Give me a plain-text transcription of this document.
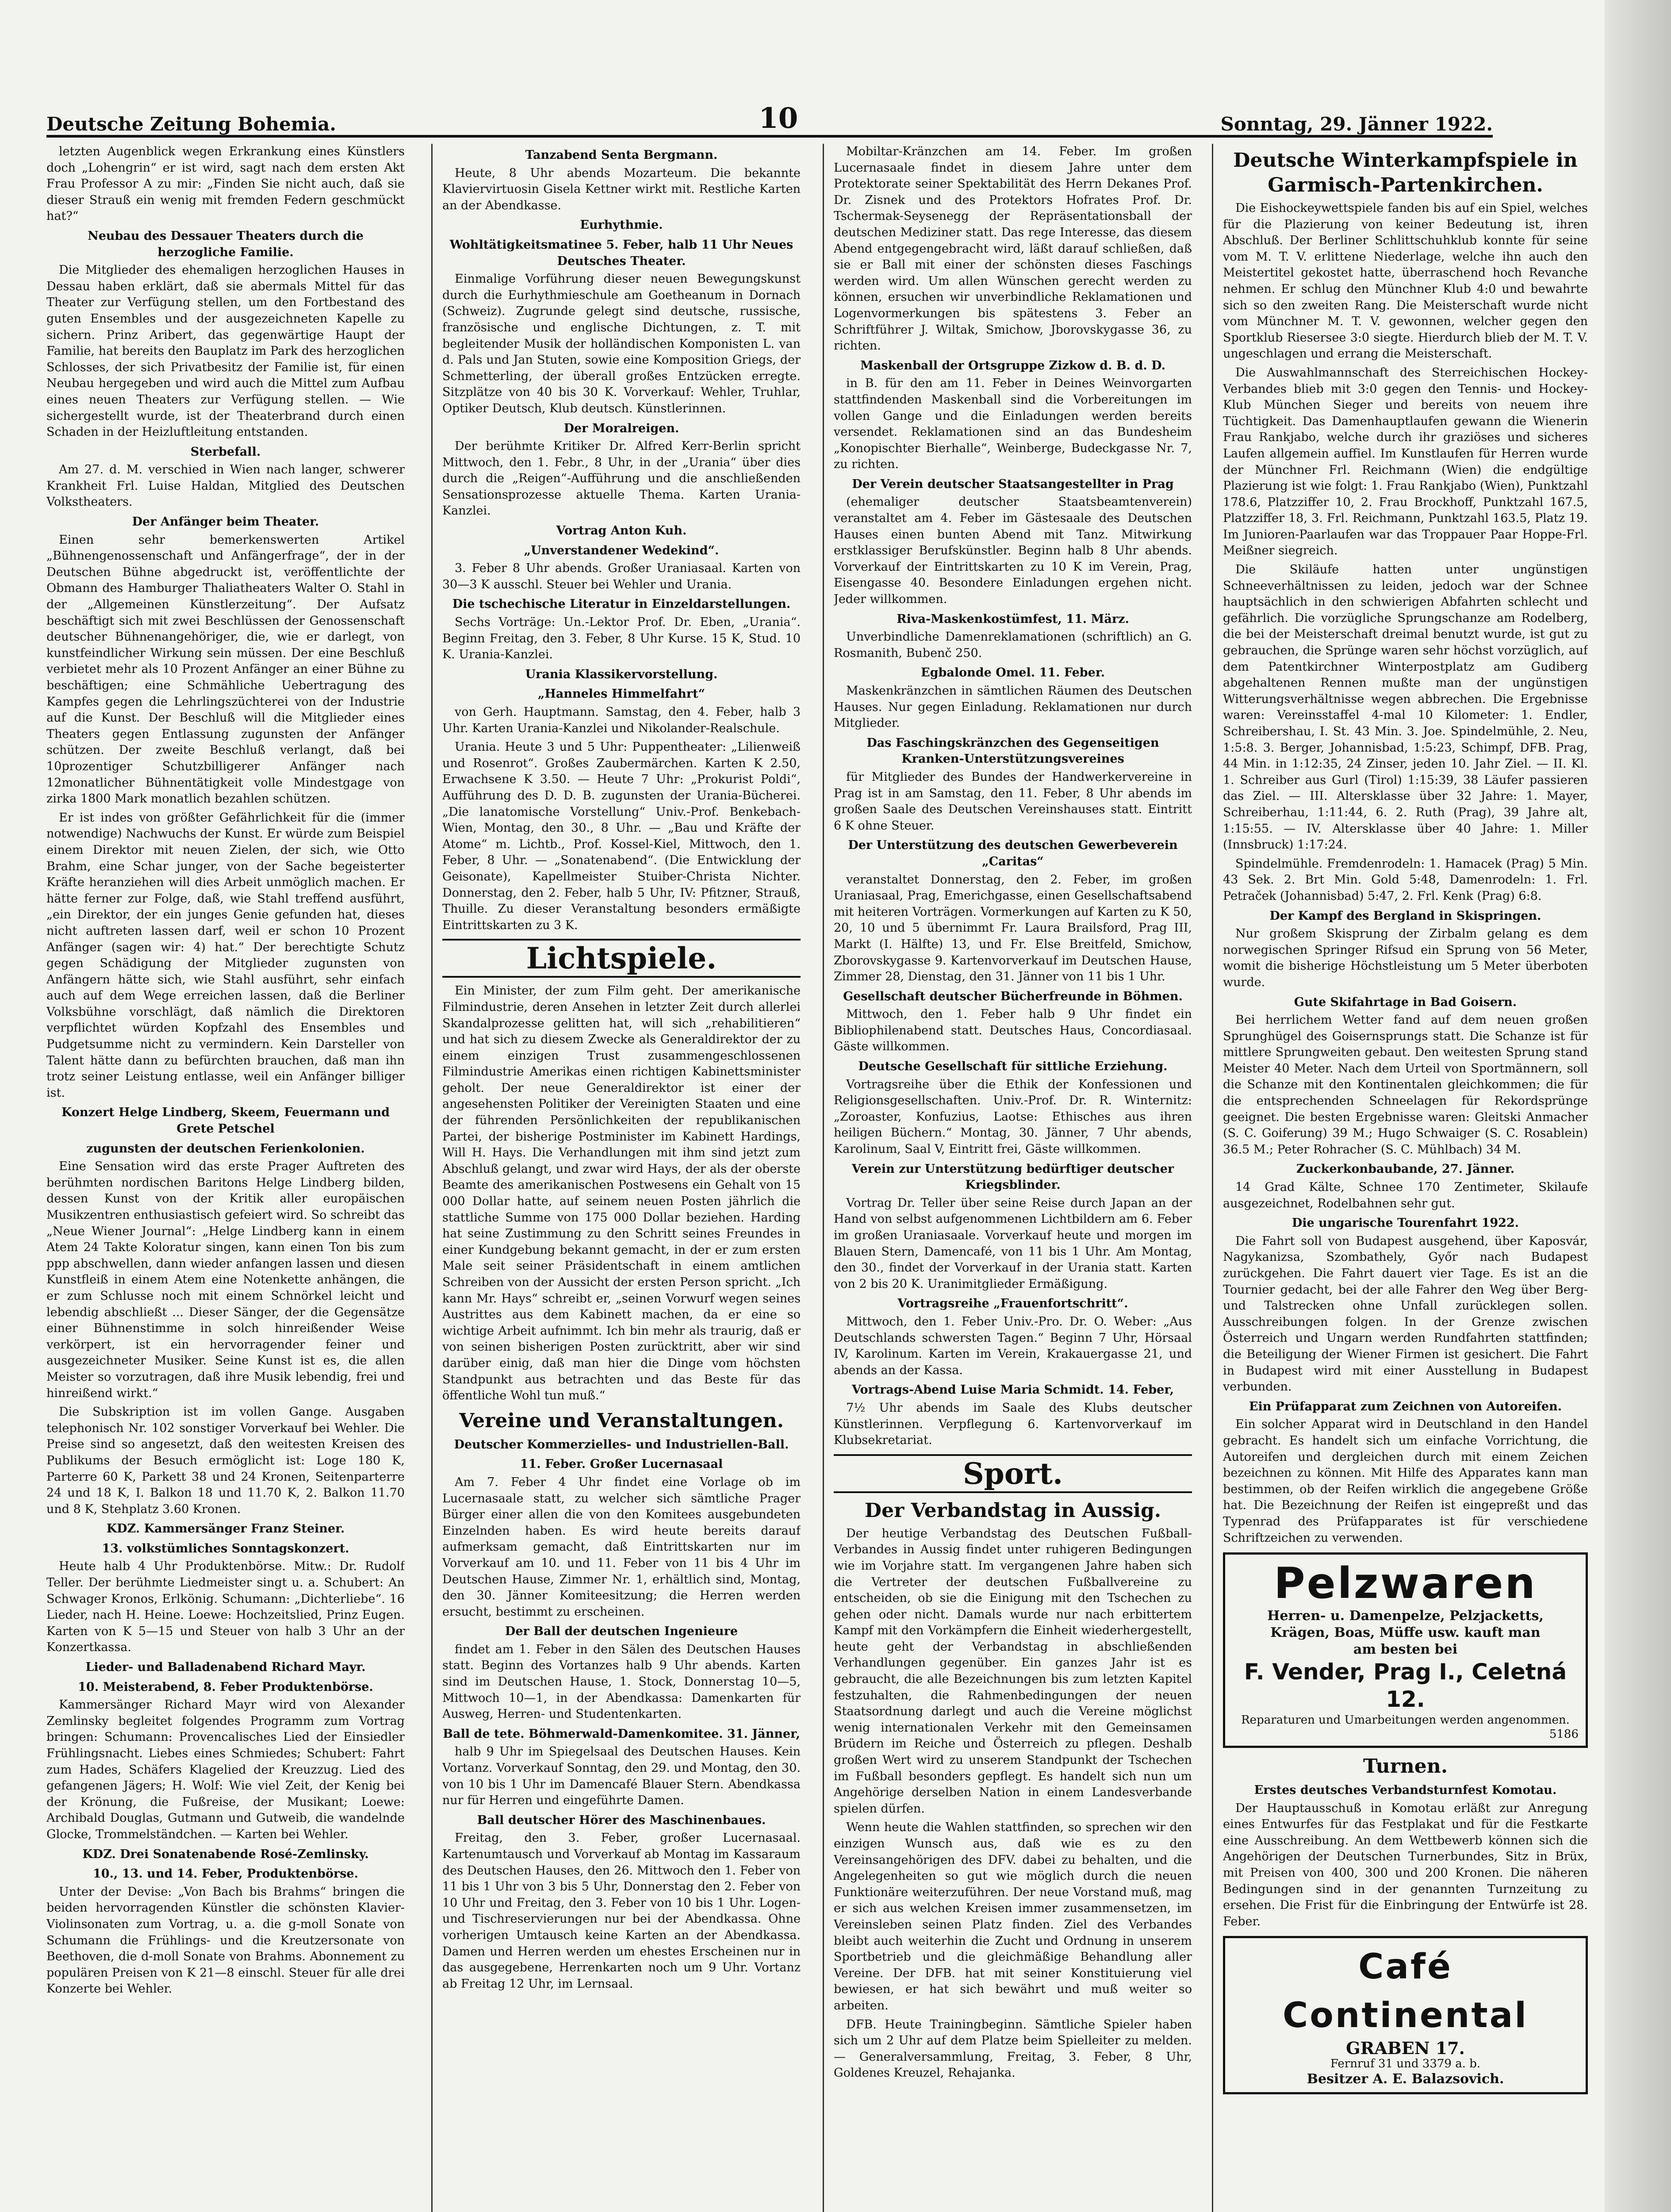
Deutsche Zeitung Bohemia.	10	Sonntag, 29. Jänner 1922.

letzten Augenblick wegen Erkrankung eines Künstlers doch „Lohengrin“ er ist wird, sagt nach dem ersten Akt Frau Professor A zu mir: „Finden Sie nicht auch, daß sie dieser Strauß ein wenig mit fremden Federn geschmückt hat?“

Neubau des Dessauer Theaters durch die herzogliche Familie.

Die Mitglieder des ehemaligen herzoglichen Hauses in Dessau haben erklärt, daß sie abermals Mittel für das Theater zur Verfügung stellen, um den Fortbestand des guten Ensembles und der ausgezeichneten Kapelle zu sichern. Prinz Aribert, das gegenwärtige Haupt der Familie, hat bereits den Bauplatz im Park des herzoglichen Schlosses, der sich Privatbesitz der Familie ist, für einen Neubau hergegeben und wird auch die Mittel zum Aufbau eines neuen Theaters zur Verfügung stellen. — Wie sichergestellt wurde, ist der Theaterbrand durch einen Schaden in der Heizluftleitung entstanden.

Sterbefall.

Am 27. d. M. verschied in Wien nach langer, schwerer Krankheit Frl. Luise Haldan, Mitglied des Deutschen Volkstheaters.

Der Anfänger beim Theater.

Einen sehr bemerkenswerten Artikel „Bühnengenossenschaft und Anfängerfrage“, der in der Deutschen Bühne abgedruckt ist, veröffentlichte der Obmann des Hamburger Thaliatheaters Walter O. Stahl in der „Allgemeinen Künstlerzeitung“. Der Aufsatz beschäftigt sich mit zwei Beschlüssen der Genossenschaft deutscher Bühnenangehöriger, die, wie er darlegt, von kunstfeindlicher Wirkung sein müssen. Der eine Beschluß verbietet mehr als 10 Prozent Anfänger an einer Bühne zu beschäftigen; eine Schmähliche Uebertragung des Kampfes gegen die Lehrlingszüchterei von der Industrie auf die Kunst. Der Beschluß will die Mitglieder eines Theaters gegen Entlassung zugunsten der Anfänger schützen. Der zweite Beschluß verlangt, daß bei 10prozentiger Schutzbilligerer Anfänger nach 12monatlicher Bühnentätigkeit volle Mindestgage von zirka 1800 Mark monatlich bezahlen schützen.

Er ist indes von größter Gefährlichkeit für die (immer notwendige) Nachwuchs der Kunst. Er würde zum Beispiel einem Direktor mit neuen Zielen, der sich, wie Otto Brahm, eine Schar junger, von der Sache begeisterter Kräfte heranziehen will dies Arbeit unmöglich machen. Er hätte ferner zur Folge, daß, wie Stahl treffend ausführt, „ein Direktor, der ein junges Genie gefunden hat, dieses nicht auftreten lassen darf, weil er schon 10 Prozent Anfänger (sagen wir: 4) hat.“ Der berechtigte Schutz gegen Schädigung der Mitglieder zugunsten von Anfängern hätte sich, wie Stahl ausführt, sehr einfach auch auf dem Wege erreichen lassen, daß die Berliner Volksbühne vorschlägt, daß nämlich die Direktoren verpflichtet würden Kopfzahl des Ensembles und Pudgetsumme nicht zu vermindern. Kein Darsteller von Talent hätte dann zu befürchten brauchen, daß man ihn trotz seiner Leistung entlasse, weil ein Anfänger billiger ist.

Konzert Helge Lindberg, Skeem, Feuermann und Grete Petschel

zugunsten der deutschen Ferienkolonien.

Eine Sensation wird das erste Prager Auftreten des berühmten nordischen Baritons Helge Lindberg bilden, dessen Kunst von der Kritik aller europäischen Musikzentren enthusiastisch gefeiert wird. So schreibt das „Neue Wiener Journal“: „Helge Lindberg kann in einem Atem 24 Takte Koloratur singen, kann einen Ton bis zum ppp abschwellen, dann wieder anfangen lassen und diesen Kunstfleiß in einem Atem eine Notenkette anhängen, die er zum Schlusse noch mit einem Schnörkel leicht und lebendig abschließt ... Dieser Sänger, der die Gegensätze einer Bühnenstimme in solch hinreißender Weise verkörpert, ist ein hervorragender feiner und ausgezeichneter Musiker. Seine Kunst ist es, die allen Meister so vorzutragen, daß ihre Musik lebendig, frei und hinreißend wirkt.“

Die Subskription ist im vollen Gange. Ausgaben telephonisch Nr. 102 sonstiger Vorverkauf bei Wehler. Die Preise sind so angesetzt, daß den weitesten Kreisen des Publikums der Besuch ermöglicht ist: Loge 180 K, Parterre 60 K, Parkett 38 und 24 Kronen, Seitenparterre 24 und 18 K, I. Balkon 18 und 11.70 K, 2. Balkon 11.70 und 8 K, Stehplatz 3.60 Kronen.

KDZ. Kammersänger Franz Steiner.

13. volkstümliches Sonntagskonzert.

Heute halb 4 Uhr Produktenbörse. Mitw.: Dr. Rudolf Teller. Der berühmte Liedmeister singt u. a. Schubert: An Schwager Kronos, Erlkönig. Schumann: „Dichterliebe“. 16 Lieder, nach H. Heine. Loewe: Hochzeitslied, Prinz Eugen. Karten von K 5—15 und Steuer von halb 3 Uhr an der Konzertkassa.

Lieder- und Balladenabend Richard Mayr.

10. Meisterabend, 8. Feber Produktenbörse.

Kammersänger Richard Mayr wird von Alexander Zemlinsky begleitet folgendes Programm zum Vortrag bringen: Schumann: Provencalisches Lied der Einsiedler Frühlingsnacht. Liebes eines Schmiedes; Schubert: Fahrt zum Hades, Schäfers Klagelied der Kreuzzug. Lied des gefangenen Jägers; H. Wolf: Wie viel Zeit, der Kenig bei der Krönung, die Fußreise, der Musikant; Loewe: Archibald Douglas, Gutmann und Gutweib, die wandelnde Glocke, Trommelständchen. — Karten bei Wehler.

KDZ. Drei Sonatenabende Rosé-Zemlinsky.

10., 13. und 14. Feber, Produktenbörse.

Unter der Devise: „Von Bach bis Brahms“ bringen die beiden hervorragenden Künstler die schönsten Klavier-Violinsonaten zum Vortrag, u. a. die g-moll Sonate von Schumann die Frühlings- und die Kreutzersonate von Beethoven, die d-moll Sonate von Brahms. Abonnement zu populären Preisen von K 21—8 einschl. Steuer für alle drei Konzerte bei Wehler.

Tanzabend Senta Bergmann.

Heute, 8 Uhr abends Mozarteum. Die bekannte Klaviervirtuosin Gisela Kettner wirkt mit. Restliche Karten an der Abendkasse.

Eurhythmie.

Wohltätigkeitsmatinee 5. Feber, halb 11 Uhr Neues Deutsches Theater.

Einmalige Vorführung dieser neuen Bewegungskunst durch die Eurhythmieschule am Goetheanum in Dornach (Schweiz). Zugrunde gelegt sind deutsche, russische, französische und englische Dichtungen, z. T. mit begleitender Musik der holländischen Komponisten L. van d. Pals und Jan Stuten, sowie eine Komposition Griegs, der Schmetterling, der überall großes Entzücken erregte. Sitzplätze von 40 bis 30 K. Vorverkauf: Wehler, Truhlar, Optiker Deutsch, Klub deutsch. Künstlerinnen.

Der Moralreigen.

Der berühmte Kritiker Dr. Alfred Kerr-Berlin spricht Mittwoch, den 1. Febr., 8 Uhr, in der „Urania“ über dies durch die „Reigen“-Aufführung und die anschließenden Sensationsprozesse aktuelle Thema. Karten Urania-Kanzlei.

Vortrag Anton Kuh.

„Unverstandener Wedekind“.

3. Feber 8 Uhr abends. Großer Uraniasaal. Karten von 30—3 K ausschl. Steuer bei Wehler und Urania.

Die tschechische Literatur in Einzeldarstellungen.

Sechs Vorträge: Un.-Lektor Prof. Dr. Eben, „Urania“. Beginn Freitag, den 3. Feber, 8 Uhr Kurse. 15 K, Stud. 10 K. Urania-Kanzlei.

Urania Klassikervorstellung.

„Hanneles Himmelfahrt“

von Gerh. Hauptmann. Samstag, den 4. Feber, halb 3 Uhr. Karten Urania-Kanzlei und Nikolander-Realschule.

Urania. Heute 3 und 5 Uhr: Puppentheater: „Lilienweiß und Rosenrot“. Großes Zaubermärchen. Karten K 2.50, Erwachsene K 3.50. — Heute 7 Uhr: „Prokurist Poldi“, Aufführung des D. D. B. zugunsten der Urania-Bücherei. „Die lanatomische Vorstellung“ Univ.-Prof. Benkebach-Wien, Montag, den 30., 8 Uhr. — „Bau und Kräfte der Atome“ m. Lichtb., Prof. Kossel-Kiel, Mittwoch, den 1. Feber, 8 Uhr. — „Sonatenabend“. (Die Entwicklung der Geisonate), Kapellmeister Stuiber-Christa Nichter. Donnerstag, den 2. Feber, halb 5 Uhr, IV: Pfitzner, Strauß, Thuille. Zu dieser Veranstaltung besonders ermäßigte Eintrittskarten zu 3 K.

Lichtspiele.

Ein Minister, der zum Film geht. Der amerikanische Filmindustrie, deren Ansehen in letzter Zeit durch allerlei Skandalprozesse gelitten hat, will sich „rehabilitieren“ und hat sich zu diesem Zwecke als Generaldirektor der zu einem einzigen Trust zusammengeschlossenen Filmindustrie Amerikas einen richtigen Kabinettsminister geholt. Der neue Generaldirektor ist einer der angesehensten Politiker der Vereinigten Staaten und eine der führenden Persönlichkeiten der republikanischen Partei, der bisherige Postminister im Kabinett Hardings, Will H. Hays. Die Verhandlungen mit ihm sind jetzt zum Abschluß gelangt, und zwar wird Hays, der als der oberste Beamte des amerikanischen Postwesens ein Gehalt von 15 000 Dollar hatte, auf seinem neuen Posten jährlich die stattliche Summe von 175 000 Dollar beziehen. Harding hat seine Zustimmung zu den Schritt seines Freundes in einer Kundgebung bekannt gemacht, in der er zum ersten Male seit seiner Präsidentschaft in einem amtlichen Schreiben von der Aussicht der ersten Person spricht. „Ich kann Mr. Hays“ schreibt er, „seinen Vorwurf wegen seines Austrittes aus dem Kabinett machen, da er eine so wichtige Arbeit aufnimmt. Ich bin mehr als traurig, daß er von seinen bisherigen Posten zurücktritt, aber wir sind darüber einig, daß man hier die Dinge vom höchsten Standpunkt aus betrachten und das Beste für das öffentliche Wohl tun muß.“

Vereine und Veranstaltungen.

Deutscher Kommerzielles- und Industriellen-Ball.

11. Feber. Großer Lucernasaal

Am 7. Feber 4 Uhr findet eine Vorlage ob im Lucernasaale statt, zu welcher sich sämtliche Prager Bürger einer allen die von den Komitees ausgebundeten Einzelnden haben. Es wird heute bereits darauf aufmerksam gemacht, daß Eintrittskarten nur im Vorverkauf am 10. und 11. Feber von 11 bis 4 Uhr im Deutschen Hause, Zimmer Nr. 1, erhältlich sind, Montag, den 30. Jänner Komiteesitzung; die Herren werden ersucht, bestimmt zu erscheinen.

Der Ball der deutschen Ingenieure

findet am 1. Feber in den Sälen des Deutschen Hauses statt. Beginn des Vortanzes halb 9 Uhr abends. Karten sind im Deutschen Hause, 1. Stock, Donnerstag 10—5, Mittwoch 10—1, in der Abendkassa: Damenkarten für Ausweg, Herren- und Studentenkarten.

Ball de tete. Böhmerwald-Damenkomitee. 31. Jänner,

halb 9 Uhr im Spiegelsaal des Deutschen Hauses. Kein Vortanz. Vorverkauf Sonntag, den 29. und Montag, den 30. von 10 bis 1 Uhr im Damencafé Blauer Stern. Abendkassa nur für Herren und eingeführte Damen.

Ball deutscher Hörer des Maschinenbaues.

Freitag, den 3. Feber, großer Lucernasaal. Kartenumtausch und Vorverkauf ab Montag im Kassaraum des Deutschen Hauses, den 26. Mittwoch den 1. Feber von 11 bis 1 Uhr von 3 bis 5 Uhr, Donnerstag den 2. Feber von 10 Uhr und Freitag, den 3. Feber von 10 bis 1 Uhr. Logen- und Tischreservierungen nur bei der Abendkassa. Ohne vorherigen Umtausch keine Karten an der Abendkassa. Damen und Herren werden um ehestes Erscheinen nur in das ausgegebene, Herrenkarten noch um 9 Uhr. Vortanz ab Freitag 12 Uhr, im Lernsaal.

Mobiltar-Kränzchen am 14. Feber. Im großen Lucernasaale findet in diesem Jahre unter dem Protektorate seiner Spektabilität des Herrn Dekanes Prof. Dr. Zisnek und des Protektors Hofrates Prof. Dr. Tschermak-Seysenegg der Repräsentationsball der deutschen Mediziner statt. Das rege Interesse, das diesem Abend entgegengebracht wird, läßt darauf schließen, daß sie er Ball mit einer der schönsten dieses Faschings werden wird. Um allen Wünschen gerecht werden zu können, ersuchen wir unverbindliche Reklamationen und Logenvormerkungen bis spätestens 3. Feber an Schriftführer J. Wiltak, Smichow, Jborovskygasse 36, zu richten.

Maskenball der Ortsgruppe Zizkow d. B. d. D.

in B. für den am 11. Feber in Deines Weinvorgarten stattfindenden Maskenball sind die Vorbereitungen im vollen Gange und die Einladungen werden bereits versendet. Reklamationen sind an das Bundesheim „Konopischter Bierhalle“, Weinberge, Budeckgasse Nr. 7, zu richten.

Der Verein deutscher Staatsangestellter in Prag

(ehemaliger deutscher Staatsbeamtenverein) veranstaltet am 4. Feber im Gästesaale des Deutschen Hauses einen bunten Abend mit Tanz. Mitwirkung erstklassiger Berufskünstler. Beginn halb 8 Uhr abends. Vorverkauf der Eintrittskarten zu 10 K im Verein, Prag, Eisengasse 40. Besondere Einladungen ergehen nicht. Jeder willkommen.

Riva-Maskenkostümfest, 11. März.

Unverbindliche Damenreklamationen (schriftlich) an G. Rosmanith, Bubenč 250.

Egbalonde Omel. 11. Feber.

Maskenkränzchen in sämtlichen Räumen des Deutschen Hauses. Nur gegen Einladung. Reklamationen nur durch Mitglieder.

Das Faschingskränzchen des Gegenseitigen Kranken-Unterstützungsvereines

für Mitglieder des Bundes der Handwerkervereine in Prag ist in am Samstag, den 11. Feber, 8 Uhr abends im großen Saale des Deutschen Vereinshauses statt. Eintritt 6 K ohne Steuer.

Der Unterstützung des deutschen Gewerbeverein „Caritas“

veranstaltet Donnerstag, den 2. Feber, im großen Uraniasaal, Prag, Emerichgasse, einen Gesellschaftsabend mit heiteren Vorträgen. Vormerkungen auf Karten zu K 50, 20, 10 und 5 übernimmt Fr. Laura Brailsford, Prag III, Markt (I. Hälfte) 13, und Fr. Else Breitfeld, Smichow, Zborovskygasse 9. Kartenvorverkauf im Deutschen Hause, Zimmer 28, Dienstag, den 31. Jänner von 11 bis 1 Uhr.

Gesellschaft deutscher Bücherfreunde in Böhmen.

Mittwoch, den 1. Feber halb 9 Uhr findet ein Bibliophilenabend statt. Deutsches Haus, Concordiasaal. Gäste willkommen.

Deutsche Gesellschaft für sittliche Erziehung.

Vortragsreihe über die Ethik der Konfessionen und Religionsgesellschaften. Univ.-Prof. Dr. R. Winternitz: „Zoroaster, Konfuzius, Laotse: Ethisches aus ihren heiligen Büchern.“ Montag, 30. Jänner, 7 Uhr abends, Karolinum, Saal V, Eintritt frei, Gäste willkommen.

Verein zur Unterstützung bedürftiger deutscher Kriegsblinder.

Vortrag Dr. Teller über seine Reise durch Japan an der Hand von selbst aufgenommenen Lichtbildern am 6. Feber im großen Uraniasaale. Vorverkauf heute und morgen im Blauen Stern, Damencafé, von 11 bis 1 Uhr. Am Montag, den 30., findet der Vorverkauf in der Urania statt. Karten von 2 bis 20 K. Uranimitglieder Ermäßigung.

Vortragsreihe „Frauenfortschritt“.

Mittwoch, den 1. Feber Univ.-Pro. Dr. O. Weber: „Aus Deutschlands schwersten Tagen.“ Beginn 7 Uhr, Hörsaal IV, Karolinum. Karten im Verein, Krakauergasse 21, und abends an der Kassa.

Vortrags-Abend Luise Maria Schmidt. 14. Feber,

7½ Uhr abends im Saale des Klubs deutscher Künstlerinnen. Verpflegung 6. Kartenvorverkauf im Klubsekretariat.

Sport.

Der Verbandstag in Aussig.

Der heutige Verbandstag des Deutschen Fußball-Verbandes in Aussig findet unter ruhigeren Bedingungen wie im Vorjahre statt. Im vergangenen Jahre haben sich die Vertreter der deutschen Fußballvereine zu entscheiden, ob sie die Einigung mit den Tschechen zu gehen oder nicht. Damals wurde nur nach erbittertem Kampf mit den Vorkämpfern die Einheit wiederhergestellt, heute geht der Verbandstag in abschließenden Verhandlungen gegenüber. Ein ganzes Jahr ist es gebraucht, die alle Bezeichnungen bis zum letzten Kapitel festzuhalten, die Rahmenbedingungen der neuen Staatsordnung darlegt und auch die Vereine möglichst wenig internationalen Verkehr mit den Gemeinsamen Brüdern im Reiche und Österreich zu pflegen. Deshalb großen Wert wird zu unserem Standpunkt der Tschechen im Fußball besonders gepflegt. Es handelt sich nun um Angehörige derselben Nation in einem Landesverbande spielen dürfen.

Wenn heute die Wahlen stattfinden, so sprechen wir den einzigen Wunsch aus, daß wie es zu den Vereinsangehörigen des DFV. dabei zu behalten, und die Angelegenheiten so gut wie möglich durch die neuen Funktionäre weiterzuführen. Der neue Vorstand muß, mag er sich aus welchen Kreisen immer zusammensetzen, im Vereinsleben seinen Platz finden. Ziel des Verbandes bleibt auch weiterhin die Zucht und Ordnung in unserem Sportbetrieb und die gleichmäßige Behandlung aller Vereine. Der DFB. hat mit seiner Konstituierung viel bewiesen, er hat sich bewährt und muß weiter so arbeiten.

DFB. Heute Trainingbeginn. Sämtliche Spieler haben sich um 2 Uhr auf dem Platze beim Spielleiter zu melden. — Generalversammlung, Freitag, 3. Feber, 8 Uhr, Goldenes Kreuzel, Rehajanka.

Deutsche Winterkampfspiele in Garmisch-Partenkirchen.

Die Eishockeywettspiele fanden bis auf ein Spiel, welches für die Plazierung von keiner Bedeutung ist, ihren Abschluß. Der Berliner Schlittschuhklub konnte für seine vom M. T. V. erlittene Niederlage, welche ihn auch den Meistertitel gekostet hatte, überraschend hoch Revanche nehmen. Er schlug den Münchner Klub 4:0 und bewahrte sich so den zweiten Rang. Die Meisterschaft wurde nicht vom Münchner M. T. V. gewonnen, welcher gegen den Sportklub Riesersee 3:0 siegte. Hierdurch blieb der M. T. V. ungeschlagen und errang die Meisterschaft.

Die Auswahlmannschaft des Sterreichischen Hockey-Verbandes blieb mit 3:0 gegen den Tennis- und Hockey-Klub München Sieger und bereits von neuem ihre Tüchtigkeit. Das Damenhauptlaufen gewann die Wienerin Frau Rankjabo, welche durch ihr graziöses und sicheres Laufen allgemein auffiel. Im Kunstlaufen für Herren wurde der Münchner Frl. Reichmann (Wien) die endgültige Plazierung ist wie folgt: 1. Frau Rankjabo (Wien), Punktzahl 178.6, Platzziffer 10, 2. Frau Brockhoff, Punktzahl 167.5, Platzziffer 18, 3. Frl. Reichmann, Punktzahl 163.5, Platz 19. Im Junioren-Paarlaufen war das Troppauer Paar Hoppe-Frl. Meißner siegreich.

Die Skiläufe hatten unter ungünstigen Schneeverhältnissen zu leiden, jedoch war der Schnee hauptsächlich in den schwierigen Abfahrten schlecht und gefährlich. Die vorzügliche Sprungschanze am Rodelberg, die bei der Meisterschaft dreimal benutzt wurde, ist gut zu gebrauchen, die Sprünge waren sehr höchst vorzüglich, auf dem Patentkirchner Winterpostplatz am Gudiberg abgehaltenen Rennen mußte man der ungünstigen Witterungsverhältnisse wegen abbrechen. Die Ergebnisse waren: Vereinsstaffel 4-mal 10 Kilometer: 1. Endler, Schreibershau, I. St. 43 Min. 3. Joe. Spindelmühle, 2. Neu, 1:5:8. 3. Berger, Johannisbad, 1:5:23, Schimpf, DFB. Prag, 44 Min. in 1:12:35, 24 Zinser, jeden 10. Jahr Ziel. — II. Kl. 1. Schreiber aus Gurl (Tirol) 1:15:39, 38 Läufer passieren das Ziel. — III. Altersklasse über 32 Jahre: 1. Mayer, Schreiberhau, 1:11:44, 6. 2. Ruth (Prag), 39 Jahre alt, 1:15:55. — IV. Altersklasse über 40 Jahre: 1. Miller (Innsbruck) 1:17:24.

Spindelmühle. Fremdenrodeln: 1. Hamacek (Prag) 5 Min. 43 Sek. 2. Brt Min. Gold 5:48, Damenrodeln: 1. Frl. Petraček (Johannisbad) 5:47, 2. Frl. Kenk (Prag) 6:8.

Der Kampf des Bergland in Skispringen.

Nur großem Skisprung der Zirbalm gelang es dem norwegischen Springer Rifsud ein Sprung von 56 Meter, womit die bisherige Höchstleistung um 5 Meter überboten wurde.

Gute Skifahrtage in Bad Goisern.

Bei herrlichem Wetter fand auf dem neuen großen Sprunghügel des Goisernsprungs statt. Die Schanze ist für mittlere Sprungweiten gebaut. Den weitesten Sprung stand Meister 40 Meter. Nach dem Urteil von Sportmännern, soll die Schanze mit den Kontinentalen gleichkommen; die für die entsprechenden Schneelagen für Rekordsprünge geeignet. Die besten Ergebnisse waren: Gleitski Anmacher (S. C. Goiferung) 39 M.; Hugo Schwaiger (S. C. Rosablein) 36.5 M.; Peter Rohracher (S. C. Mühlbach) 34 M.

Zuckerkonbaubande, 27. Jänner.

14 Grad Kälte, Schnee 170 Zentimeter, Skilaufe ausgezeichnet, Rodelbahnen sehr gut.

Die ungarische Tourenfahrt 1922.

Die Fahrt soll von Budapest ausgehend, über Kaposvár, Nagykanizsa, Szombathely, Győr nach Budapest zurückgehen. Die Fahrt dauert vier Tage. Es ist an die Tournier gedacht, bei der alle Fahrer den Weg über Berg- und Talstrecken ohne Unfall zurücklegen sollen. Ausschreibungen folgen. In der Grenze zwischen Österreich und Ungarn werden Rundfahrten stattfinden; die Beteiligung der Wiener Firmen ist gesichert. Die Fahrt in Budapest wird mit einer Ausstellung in Budapest verbunden.

Ein Prüfapparat zum Zeichnen von Autoreifen.

Ein solcher Apparat wird in Deutschland in den Handel gebracht. Es handelt sich um einfache Vorrichtung, die Autoreifen und dergleichen durch mit einem Zeichen bezeichnen zu können. Mit Hilfe des Apparates kann man bestimmen, ob der Reifen wirklich die angegebene Größe hat. Die Bezeichnung der Reifen ist eingepreßt und das Typenrad des Prüfapparates ist für verschiedene Schriftzeichen zu verwenden.

Pelzwaren
Herren- u. Damenpelze, Pelzjacketts,
Krägen, Boas, Müffe usw. kauft man
am besten bei
F. Vender, Prag I., Celetná 12.
Reparaturen und Umarbeitungen werden angenommen.
5186

Turnen.

Erstes deutsches Verbandsturnfest Komotau.

Der Hauptausschuß in Komotau erläßt zur Anregung eines Entwurfes für das Festplakat und für die Festkarte eine Ausschreibung. An dem Wettbewerb können sich die Angehörigen der Deutschen Turnerbundes, Sitz in Brüx, mit Preisen von 400, 300 und 200 Kronen. Die näheren Bedingungen sind in der genannten Turnzeitung zu ersehen. Die Frist für die Einbringung der Entwürfe ist 28. Feber.

Café Continental
GRABEN 17.
Fernruf 31 und 3379 a. b.
Besitzer A. E. Balazsovich.
